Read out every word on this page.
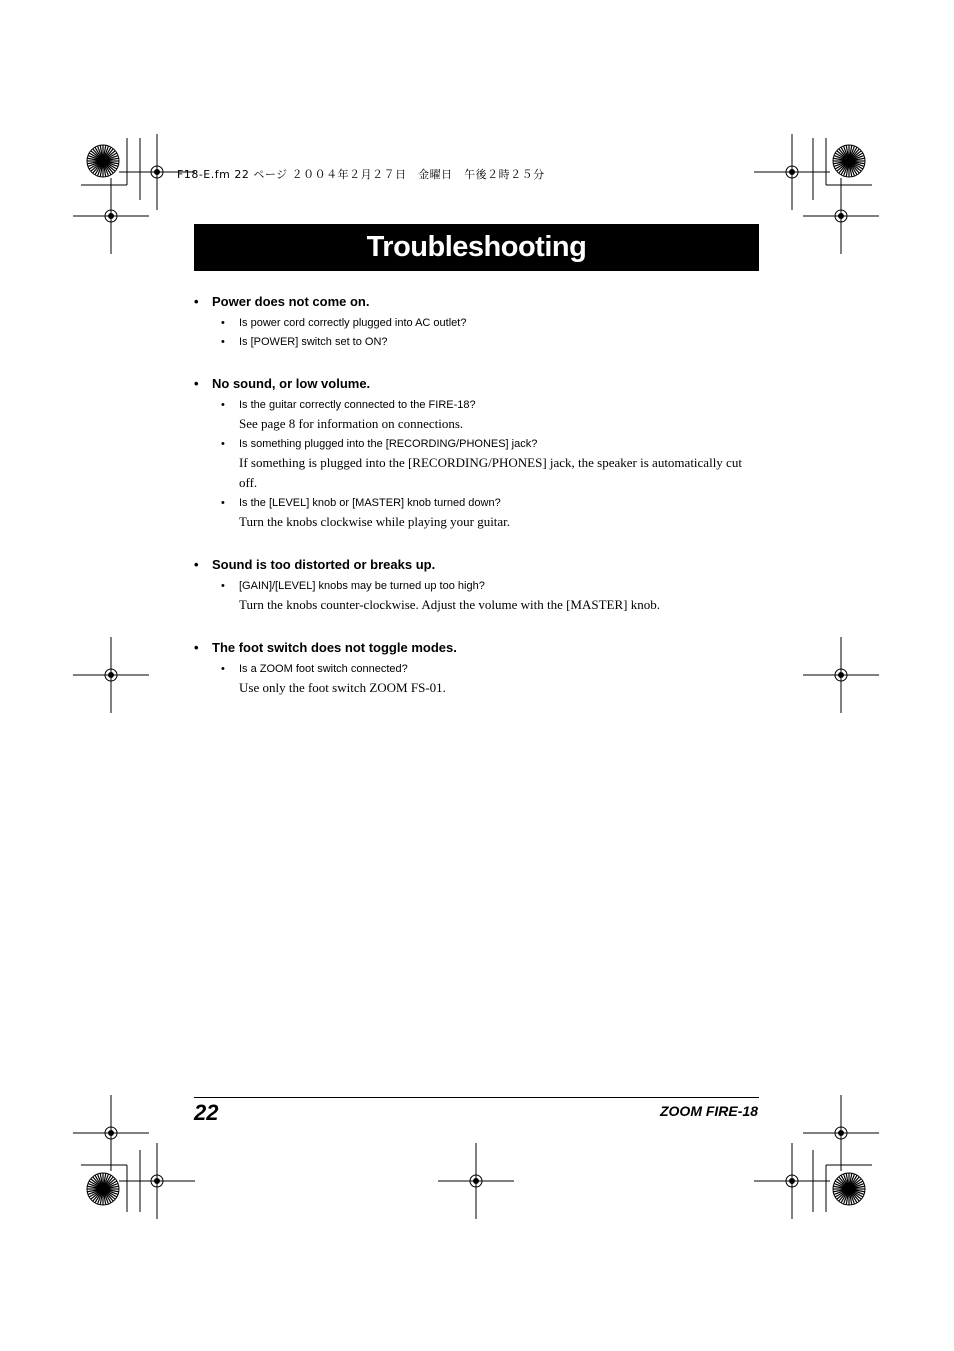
F18-E.fm 22 ページ ２００４年２月２７日　金曜日　午後２時２５分
Troubleshooting
•	Power does not come on.
•	Is power cord correctly plugged into AC outlet?
•	Is [POWER] switch set to ON?
•	No sound, or low volume.
•	Is the guitar correctly connected to the FIRE-18?
See page 8 for information on connections.
•	Is something plugged into the [RECORDING/PHONES] jack?
If something is plugged into the [RECORDING/PHONES] jack, the speaker is automatically cut off.
•	Is the [LEVEL] knob or [MASTER] knob turned down?
Turn the knobs clockwise while playing your guitar.
•	Sound is too distorted or breaks up.
•	[GAIN]/[LEVEL] knobs may be turned up too high?
Turn the knobs counter-clockwise. Adjust the volume with the [MASTER] knob.
•	The foot switch does not toggle modes.
•	Is a ZOOM foot switch connected?
Use only the foot switch ZOOM FS-01.
22	ZOOM FIRE-18
